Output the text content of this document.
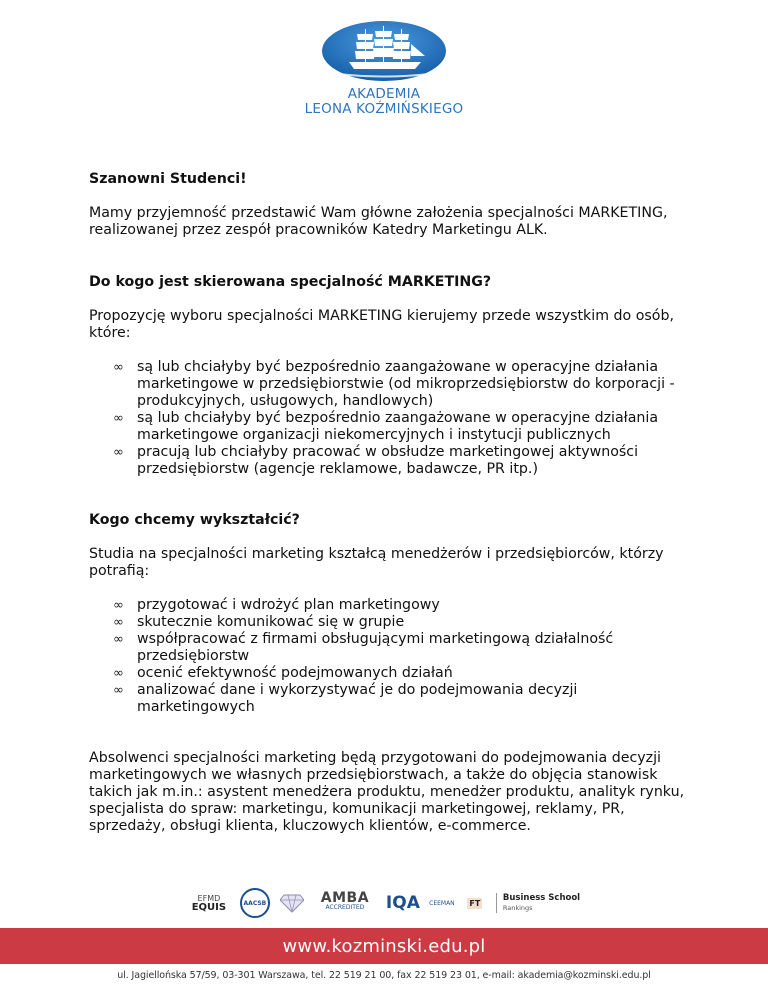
AKADEMIA
LEONA KOŹMIŃSKIEGO

Szanowni Studenci!

Mamy przyjemność przedstawić Wam główne założenia specjalności MARKETING, realizowanej przez zespół pracowników Katedry Marketingu ALK.

Do kogo jest skierowana specjalność MARKETING?

Propozycję wyboru specjalności MARKETING kierujemy przede wszystkim do osób, które:

∞ są lub chciałyby być bezpośrednio zaangażowane w operacyjne działania marketingowe w przedsiębiorstwie (od mikroprzedsiębiorstw do korporacji - produkcyjnych, usługowych, handlowych)
∞ są lub chciałyby być bezpośrednio zaangażowane w operacyjne działania marketingowe organizacji niekomercyjnych i instytucji publicznych
∞ pracują lub chciałyby pracować w obsłudze marketingowej aktywności przedsiębiorstw (agencje reklamowe, badawcze, PR itp.)
Kogo chcemy wykształcić?

Studia na specjalności marketing kształcą menedżerów i przedsiębiorców, którzy potrafią:

∞ przygotować i wdrożyć plan marketingowy
∞ skutecznie komunikować się w grupie
∞ współpracować z firmami obsługującymi marketingową działalność przedsiębiorstw
∞ ocenić efektywność podejmowanych działań
∞ analizować dane i wykorzystywać je do podejmowania decyzji marketingowych

Absolwenci specjalności marketing będą przygotowani do podejmowania decyzji marketingowych we własnych przedsiębiorstwach, a także do objęcia stanowisk takich jak m.in.: asystent menedżera produktu, menedżer produktu, analityk rynku, specjalista do spraw: marketingu, komunikacji marketingowej, reklamy, PR, sprzedaży, obsługi klienta, kluczowych klientów, e-commerce.

EFMD
EQUIS	AACSB	AMBA
ACCREDITED IQA CEEMAN FT	Business School
Rankings
www.kozminski.edu.pl
ul. Jagiellońska 57/59, 03-301 Warszawa, tel. 22 519 21 00, fax 22 519 23 01, e-mail: akademia@kozminski.edu.pl
